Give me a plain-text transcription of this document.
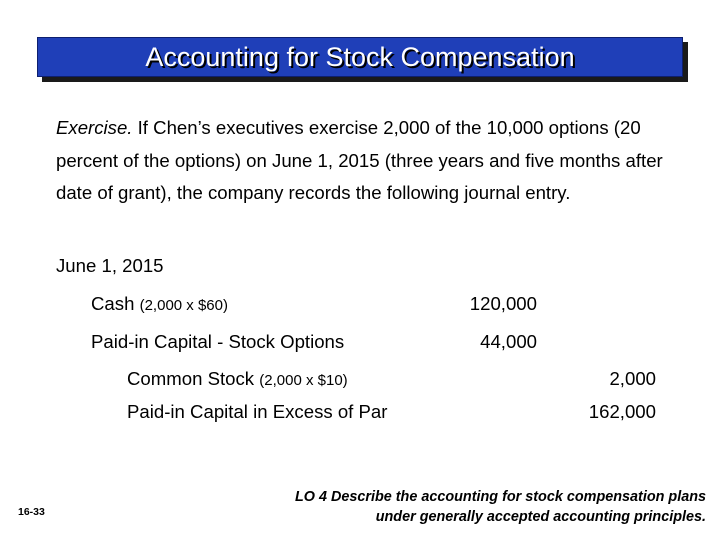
Accounting for Stock Compensation
Exercise. If Chen’s executives exercise 2,000 of the 10,000 options (20 percent of the options) on June 1, 2015 (three years and five months after date of grant), the company records the following journal entry.
June 1, 2015
Cash (2,000 x $60)	120,000
Paid-in Capital - Stock Options	44,000
Common Stock (2,000 x $10)	2,000
Paid-in Capital in Excess of Par	162,000
16-33
LO 4 Describe the accounting for stock compensation plans
under generally accepted accounting principles.
